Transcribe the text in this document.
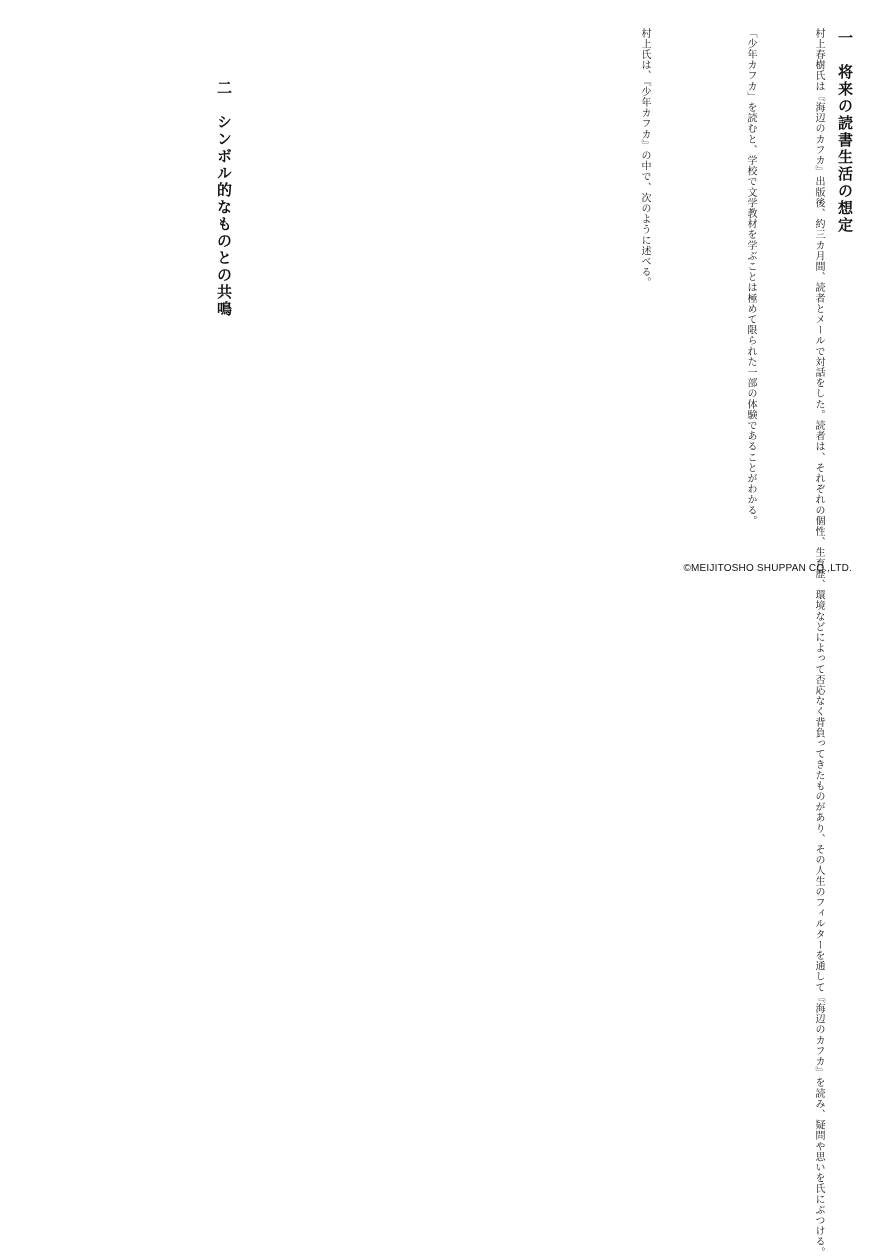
一　将来の読書生活の想定
村上春樹氏は『海辺のカフカ』出版後、約三カ月間、読者とメールで対話をした。読者は、それぞれの個性、生育歴、環境などによって否応なく背負ってきたものがあり、その人生のフィルターを通して『海辺のカフカ』を読み、疑問や思いを氏にぶつける。
「少年カフカ」を読むと、学校で文学教材を学ぶことは極めて限られた一部の体験であることがわかる。
村上氏は、『少年カフカ』の中で、次のように述べる。
二　シンボル的なものとの共鳴
©MEIJITOSHO SHUPPAN CO.,LTD.
